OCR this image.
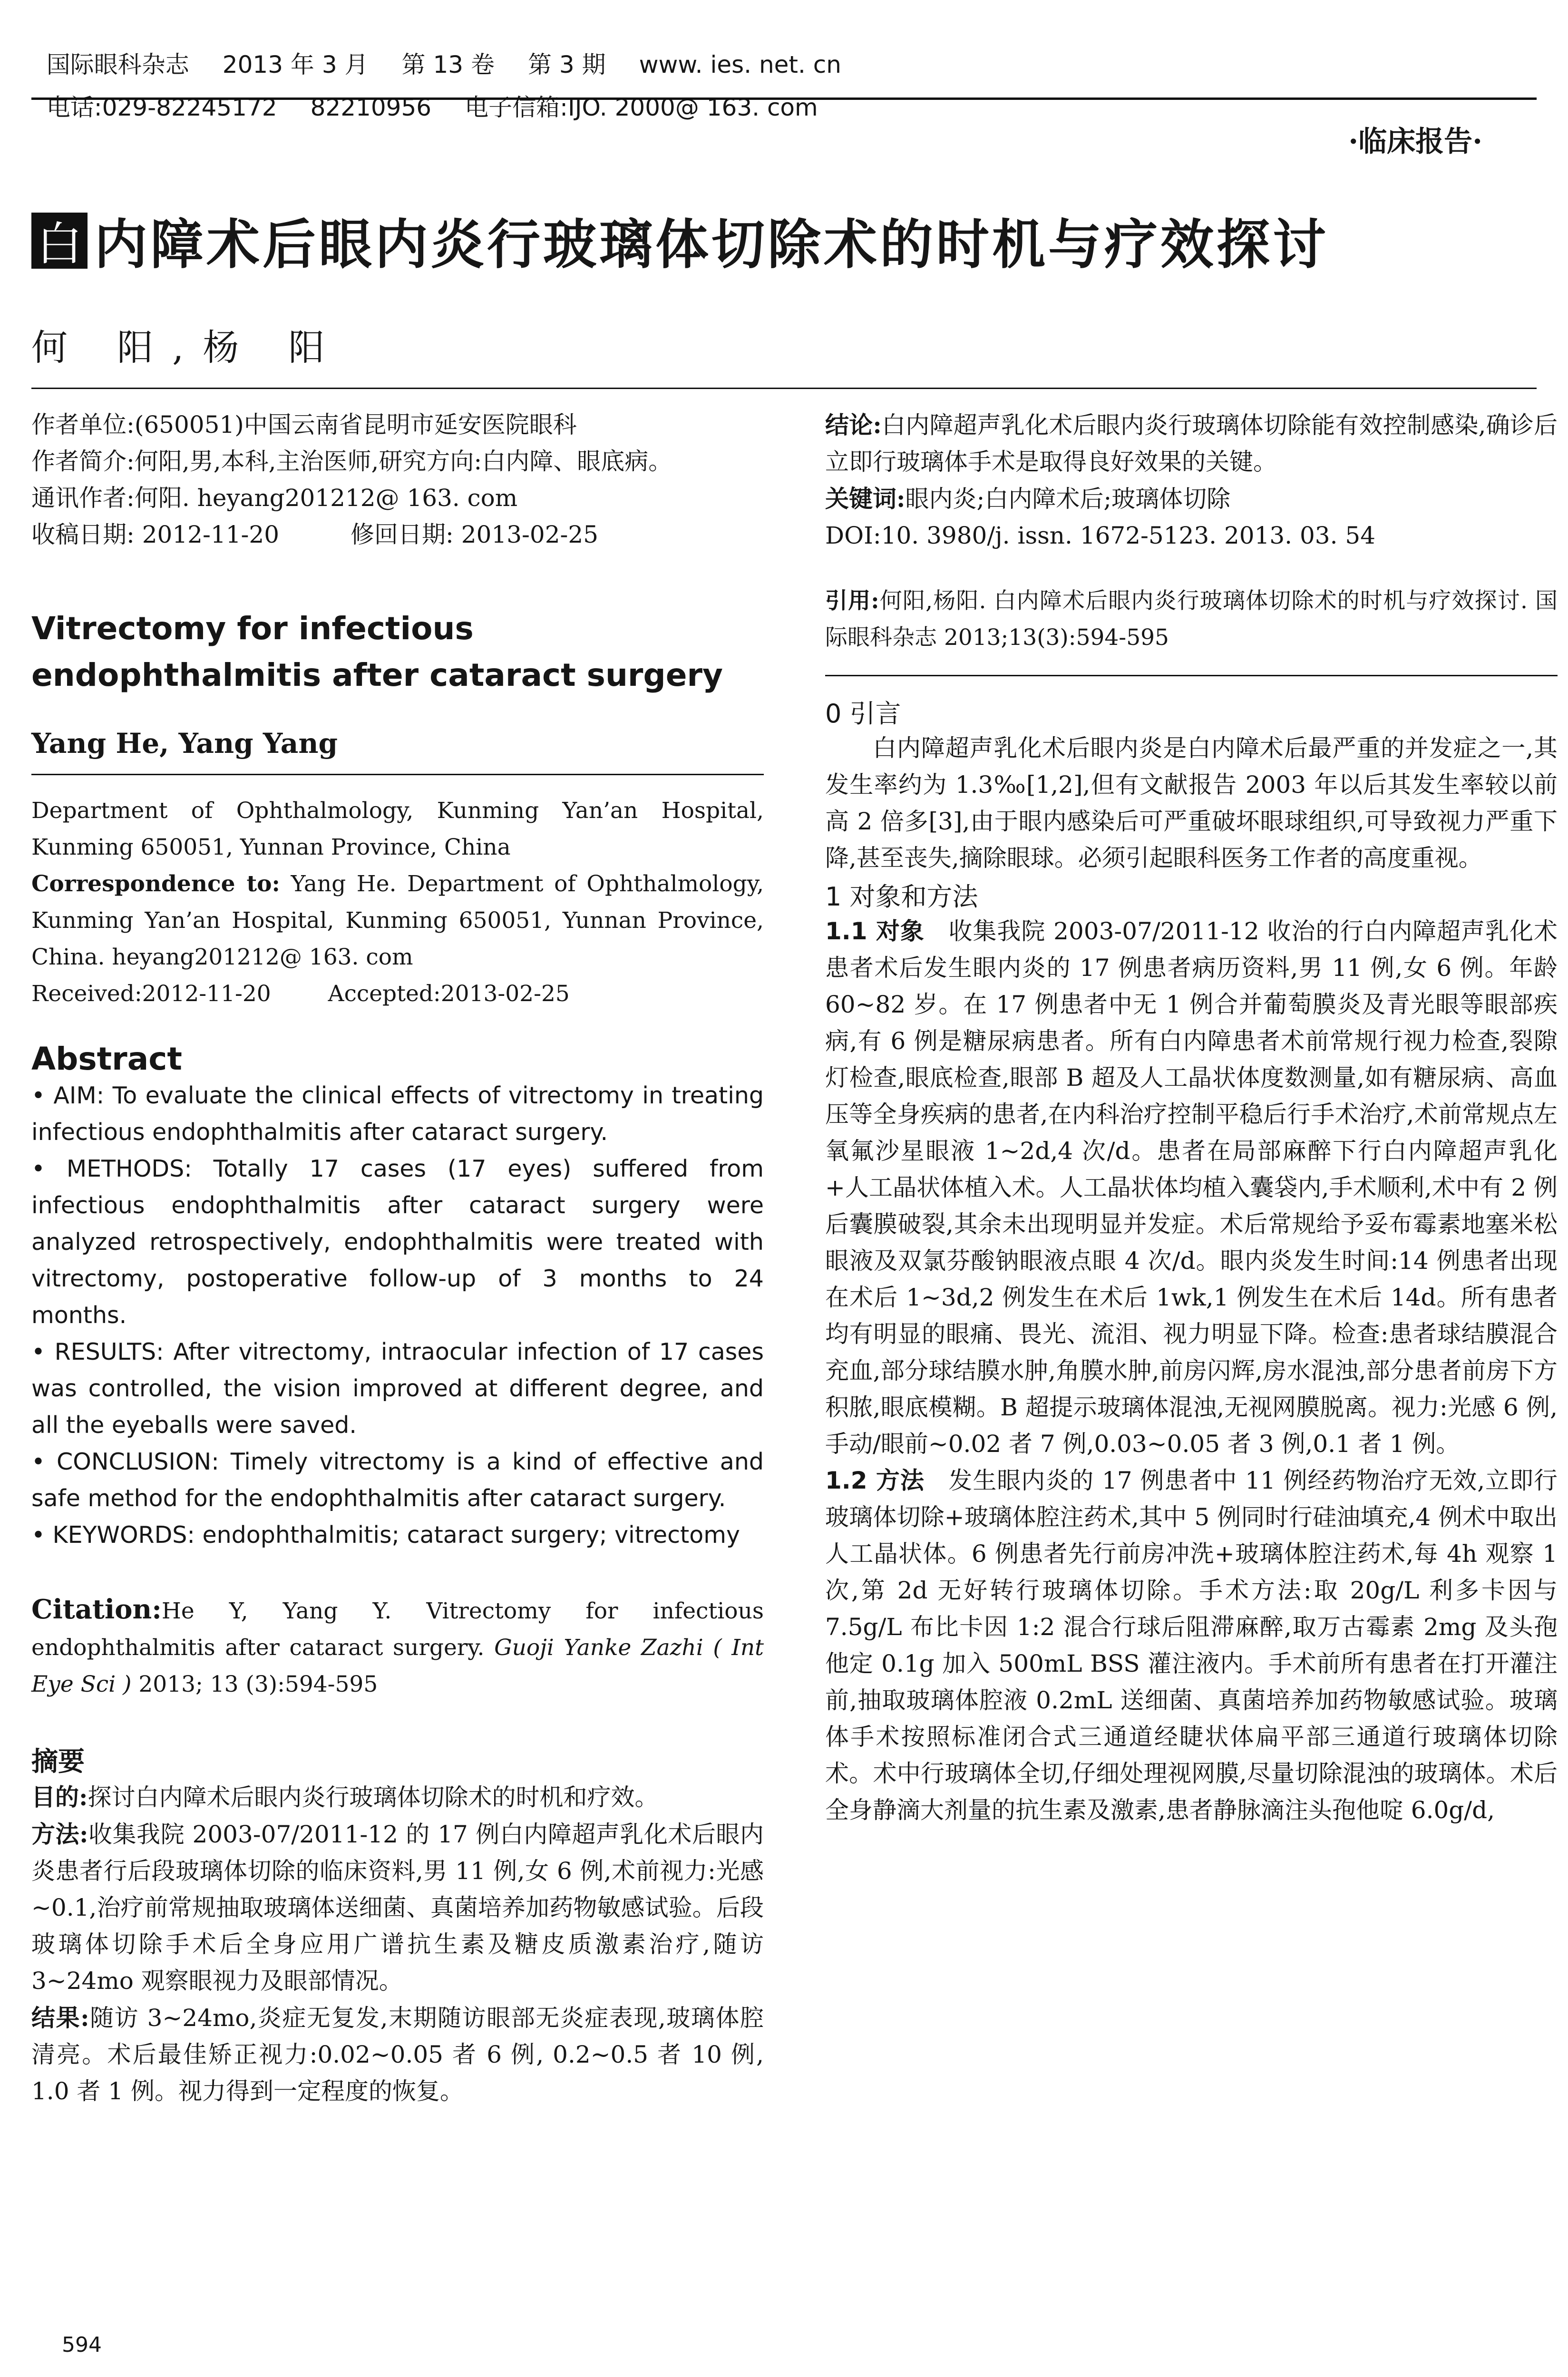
国际眼科杂志 2013 年 3 月 第 13 卷 第 3 期 www. ies. net. cn

电话:029-82245172 82210956 电子信箱:IJO. 2000@ 163. com

·临床报告·
白 内障术后眼内炎行玻璃体切除术的时机与疗效探讨
何 阳,杨 阳

作者单位:(650051)中国云南省昆明市延安医院眼科

作者简介:何阳,男,本科,主治医师,研究方向:白内障、眼底病。

通讯作者:何阳. heyang201212@ 163. com

收稿日期: 2012-11-20	修回日期: 2013-02-25

Vitrectomy for infectious endophthalmitis after cataract surgery
Yang He, Yang Yang

Department of Ophthalmology, Kunming Yan’an Hospital, Kunming 650051, Yunnan Province, China

Correspondence to: Yang He. Department of Ophthalmology, Kunming Yan’an Hospital, Kunming 650051, Yunnan Province, China. heyang201212@ 163. com

Received:2012-11-20	Accepted:2013-02-25

Abstract

• AIM: To evaluate the clinical effects of vitrectomy in treating infectious endophthalmitis after cataract surgery.

• METHODS: Totally 17 cases (17 eyes) suffered from infectious endophthalmitis after cataract surgery were analyzed retrospectively, endophthalmitis were treated with vitrectomy, postoperative follow-up of 3 months to 24 months.

• RESULTS: After vitrectomy, intraocular infection of 17 cases was controlled, the vision improved at different degree, and all the eyeballs were saved.

• CONCLUSION: Timely vitrectomy is a kind of effective and safe method for the endophthalmitis after cataract surgery.

• KEYWORDS: endophthalmitis; cataract surgery; vitrectomy

Citation:He Y, Yang Y. Vitrectomy for infectious endophthalmitis after cataract surgery. Guoji Yanke Zazhi ( Int Eye Sci ) 2013; 13 (3):594-595

摘要

目的:探讨白内障术后眼内炎行玻璃体切除术的时机和疗效。

方法:收集我院 2003-07/2011-12 的 17 例白内障超声乳化术后眼内炎患者行后段玻璃体切除的临床资料,男 11 例,女 6 例,术前视力:光感~0.1,治疗前常规抽取玻璃体送细菌、真菌培养加药物敏感试验。后段玻璃体切除手术后全身应用广谱抗生素及糖皮质激素治疗,随访 3~24mo 观察眼视力及眼部情况。

结果:随访 3~24mo,炎症无复发,末期随访眼部无炎症表现,玻璃体腔清亮。术后最佳矫正视力:0.02~0.05 者 6 例, 0.2~0.5 者 10 例, 1.0 者 1 例。视力得到一定程度的恢复。

结论:白内障超声乳化术后眼内炎行玻璃体切除能有效控制感染,确诊后立即行玻璃体手术是取得良好效果的关键。

关键词:眼内炎;白内障术后;玻璃体切除

DOI:10. 3980/j. issn. 1672-5123. 2013. 03. 54

引用:何阳,杨阳. 白内障术后眼内炎行玻璃体切除术的时机与疗效探讨. 国际眼科杂志 2013;13(3):594-595

0 引言

白内障超声乳化术后眼内炎是白内障术后最严重的并发症之一,其发生率约为 1.3‰[1,2],但有文献报告 2003 年以后其发生率较以前高 2 倍多[3],由于眼内感染后可严重破坏眼球组织,可导致视力严重下降,甚至丧失,摘除眼球。必须引起眼科医务工作者的高度重视。

1 对象和方法

1.1 对象 收集我院 2003-07/2011-12 收治的行白内障超声乳化术患者术后发生眼内炎的 17 例患者病历资料,男 11 例,女 6 例。年龄 60~82 岁。在 17 例患者中无 1 例合并葡萄膜炎及青光眼等眼部疾病,有 6 例是糖尿病患者。所有白内障患者术前常规行视力检查,裂隙灯检查,眼底检查,眼部 B 超及人工晶状体度数测量,如有糖尿病、高血压等全身疾病的患者,在内科治疗控制平稳后行手术治疗,术前常规点左氧氟沙星眼液 1~2d,4 次/d。患者在局部麻醉下行白内障超声乳化+人工晶状体植入术。人工晶状体均植入囊袋内,手术顺利,术中有 2 例后囊膜破裂,其余未出现明显并发症。术后常规给予妥布霉素地塞米松眼液及双氯芬酸钠眼液点眼 4 次/d。眼内炎发生时间:14 例患者出现在术后 1~3d,2 例发生在术后 1wk,1 例发生在术后 14d。所有患者均有明显的眼痛、畏光、流泪、视力明显下降。检查:患者球结膜混合充血,部分球结膜水肿,角膜水肿,前房闪辉,房水混浊,部分患者前房下方积脓,眼底模糊。B 超提示玻璃体混浊,无视网膜脱离。视力:光感 6 例,手动/眼前~0.02 者 7 例,0.03~0.05 者 3 例,0.1 者 1 例。

1.2 方法 发生眼内炎的 17 例患者中 11 例经药物治疗无效,立即行玻璃体切除+玻璃体腔注药术,其中 5 例同时行硅油填充,4 例术中取出人工晶状体。6 例患者先行前房冲洗+玻璃体腔注药术,每 4h 观察 1 次,第 2d 无好转行玻璃体切除。手术方法:取 20g/L 利多卡因与 7.5g/L 布比卡因 1:2 混合行球后阻滞麻醉,取万古霉素 2mg 及头孢他定 0.1g 加入 500mL BSS 灌注液内。手术前所有患者在打开灌注前,抽取玻璃体腔液 0.2mL 送细菌、真菌培养加药物敏感试验。玻璃体手术按照标准闭合式三通道经睫状体扁平部三通道行玻璃体切除术。术中行玻璃体全切,仔细处理视网膜,尽量切除混浊的玻璃体。术后全身静滴大剂量的抗生素及激素,患者静脉滴注头孢他啶 6.0g/d,

594
